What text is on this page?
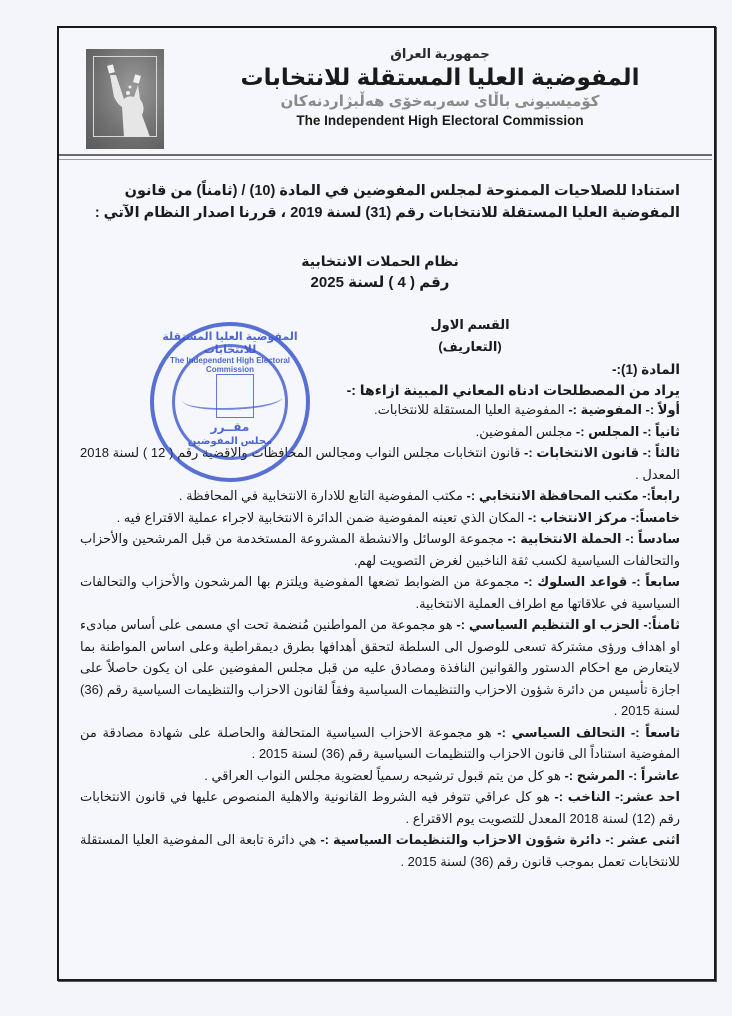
جمهورية العراق
المفوضية العليا المستقلة للانتخابات
كۆمیسیونی باڵای سەربەخۆی هەڵبژاردنەکان
The Independent High Electoral Commission
استنادا للصلاحيات الممنوحة لمجلس المفوضين في المادة (10) / (ثامناً) من قانون المفوضية العليا المستقلة للانتخابات رقم (31) لسنة 2019 ، قررنا اصدار النظام الآتي :
نظام الحملات الانتخابية
رقم ( 4 ) لسنة 2025
القسم الاول
(التعاريف)
المادة (1):-
يراد من المصطلحات ادناه المعاني المبينة ازاءها :-
أولاً :- المفوضية :- المفوضية العليا المستقلة للانتخابات.
ثانياً :- المجلس :- مجلس المفوضين.
ثالثاً :- قانون الانتخابات :- قانون انتخابات مجلس النواب ومجالس المحافظات والاقضية رقم ( 12 ) لسنة 2018 المعدل .
رابعاً:- مكتب المحافظة الانتخابي :- مكتب المفوضية التابع للادارة الانتخابية في المحافظة .
خامساً:- مركز الانتخاب :- المكان الذي تعينه المفوضية ضمن الدائرة الانتخابية لاجراء عملية الاقتراع فيه .
سادساً :- الحملة الانتخابية :- مجموعة الوسائل والانشطة المشروعة المستخدمة من قبل المرشحين والأحزاب والتحالفات السياسية لكسب ثقة الناخبين لغرض التصويت لهم.
سابعاً :- قواعد السلوك :- مجموعة من الضوابط تضعها المفوضية ويلتزم بها المرشحون والأحزاب والتحالفات السياسية في علاقاتها مع اطراف العملية الانتخابية.
ثامناً:- الحزب او التنظيم السياسي :- هو مجموعة من المواطنين مُنضمة تحت اي مسمى على أساس مبادىء او اهداف ورؤى مشتركة تسعى للوصول الى السلطة لتحقق أهدافها بطرق ديمقراطية وعلى اساس المواطنة بما لايتعارض مع احكام الدستور والقوانين النافذة ومصادق عليه من قبل مجلس المفوضين على ان يكون حاصلاً على اجازة تأسيس من دائرة شؤون الاحزاب والتنظيمات السياسية وفقاً لقانون الاحزاب والتنظيمات السياسية رقم (36) لسنة 2015 .
تاسعاً :- التحالف السياسي :- هو مجموعة الاحزاب السياسية المتحالفة والحاصلة على شهادة مصادقة من المفوضية استناداً الى قانون الاحزاب والتنظيمات السياسية رقم (36) لسنة 2015 .
عاشراً :- المرشح :- هو كل من يتم قبول ترشيحه رسمياً لعضوية مجلس النواب العراقي .
احد عشر:- الناخب :- هو كل عراقي تتوفر فيه الشروط القانونية والاهلية المنصوص عليها في قانون الانتخابات رقم (12) لسنة 2018 المعدل للتصويت يوم الاقتراع .
اثنى عشر :- دائرة شؤون الاحزاب والتنظيمات السياسية :- هي دائرة تابعة الى المفوضية العليا المستقلة للانتخابات تعمل بموجب قانون رقم (36) لسنة 2015 .
المفوضية العليا المستقلة للانتخابات
The Independent High Electoral Commission
مقــرر
مجلس المفوضين
